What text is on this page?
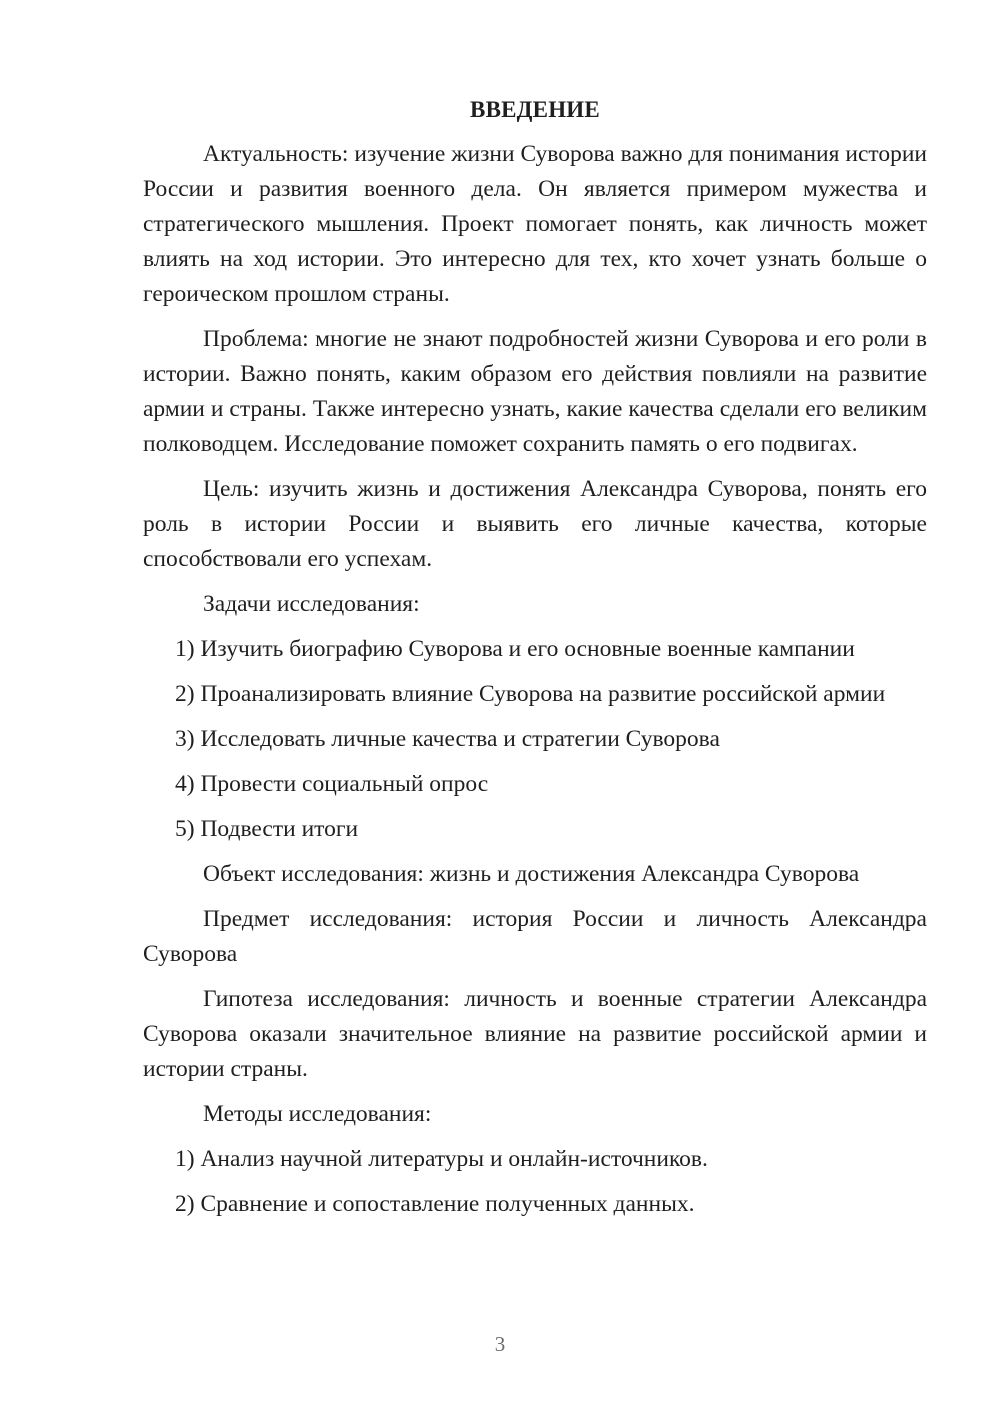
ВВЕДЕНИЕ
Актуальность: изучение жизни Суворова важно для понимания истории России и развития военного дела. Он является примером мужества и стратегического мышления. Проект помогает понять, как личность может влиять на ход истории. Это интересно для тех, кто хочет узнать больше о героическом прошлом страны.
Проблема: многие не знают подробностей жизни Суворова и его роли в истории. Важно понять, каким образом его действия повлияли на развитие армии и страны. Также интересно узнать, какие качества сделали его великим полководцем. Исследование поможет сохранить память о его подвигах.
Цель: изучить жизнь и достижения Александра Суворова, понять его роль в истории России и выявить его личные качества, которые способствовали его успехам.
Задачи исследования:
1) Изучить биографию Суворова и его основные военные кампании
2) Проанализировать влияние Суворова на развитие российской армии
3) Исследовать личные качества и стратегии Суворова
4) Провести социальный опрос
5) Подвести итоги
Объект исследования: жизнь и достижения Александра Суворова
Предмет исследования: история России и личность Александра Суворова
Гипотеза исследования: личность и военные стратегии Александра Суворова оказали значительное влияние на развитие российской армии и истории страны.
Методы исследования:
1) Анализ научной литературы и онлайн-источников.
2) Сравнение и сопоставление полученных данных.
3
